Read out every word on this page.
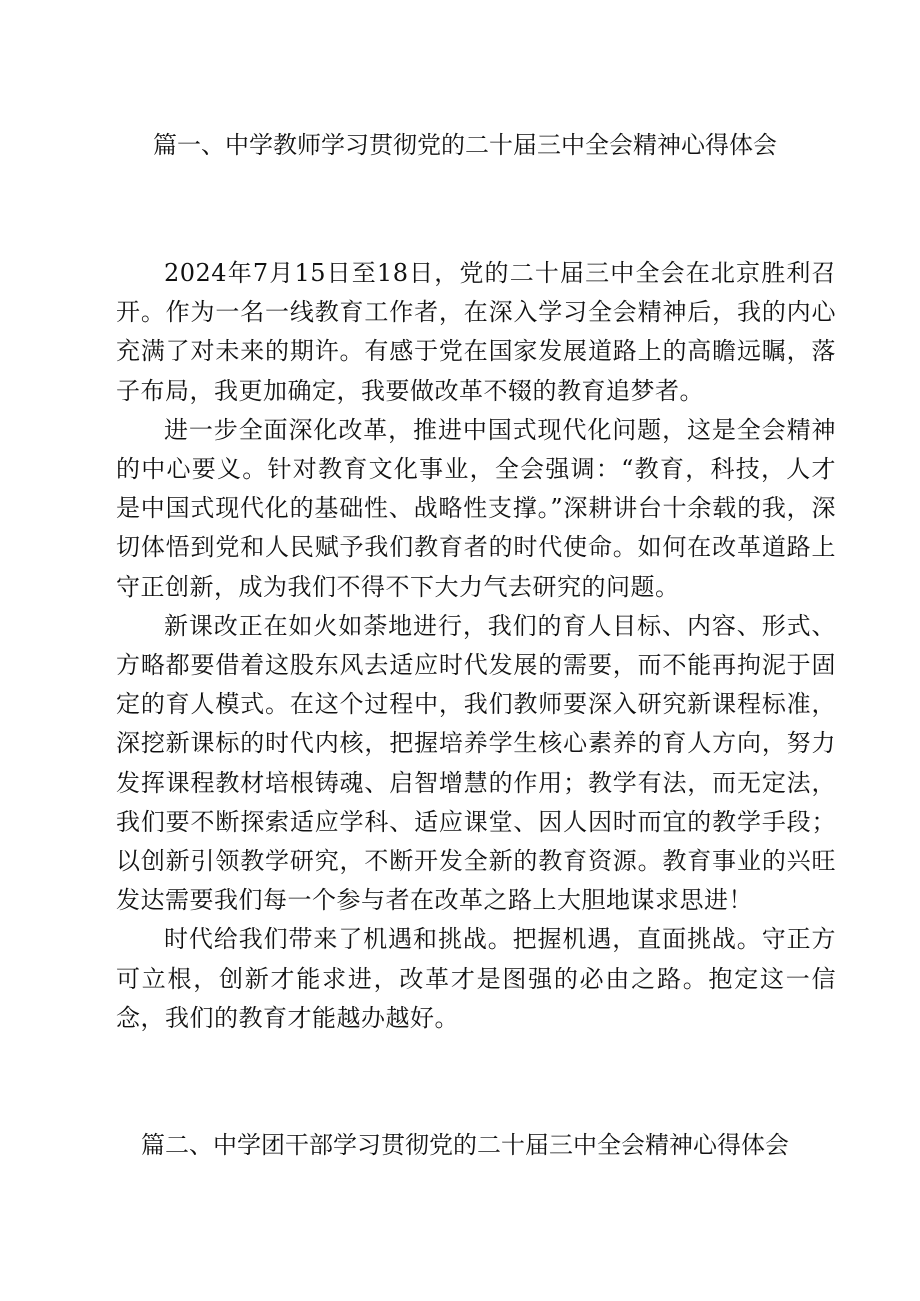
篇一、中学教师学习贯彻党的二十届三中全会精神心得体会

2024年7月15日至18日，党的二十届三中全会在北京胜利召开。作为一名一线教育工作者，在深入学习全会精神后，我的内心充满了对未来的期许。有感于党在国家发展道路上的高瞻远瞩，落子布局，我更加确定，我要做改革不辍的教育追梦者。

进一步全面深化改革，推进中国式现代化问题，这是全会精神的中心要义。针对教育文化事业，全会强调：“教育，科技，人才是中国式现代化的基础性、战略性支撑。”深耕讲台十余载的我，深切体悟到党和人民赋予我们教育者的时代使命。如何在改革道路上守正创新，成为我们不得不下大力气去研究的问题。

新课改正在如火如荼地进行，我们的育人目标、内容、形式、方略都要借着这股东风去适应时代发展的需要，而不能再拘泥于固定的育人模式。在这个过程中，我们教师要深入研究新课程标准，深挖新课标的时代内核，把握培养学生核心素养的育人方向，努力发挥课程教材培根铸魂、启智增慧的作用；教学有法，而无定法，我们要不断探索适应学科、适应课堂、因人因时而宜的教学手段；以创新引领教学研究，不断开发全新的教育资源。教育事业的兴旺发达需要我们每一个参与者在改革之路上大胆地谋求思进！

时代给我们带来了机遇和挑战。把握机遇，直面挑战。守正方可立根，创新才能求进，改革才是图强的必由之路。抱定这一信念，我们的教育才能越办越好。

篇二、中学团干部学习贯彻党的二十届三中全会精神心得体会
